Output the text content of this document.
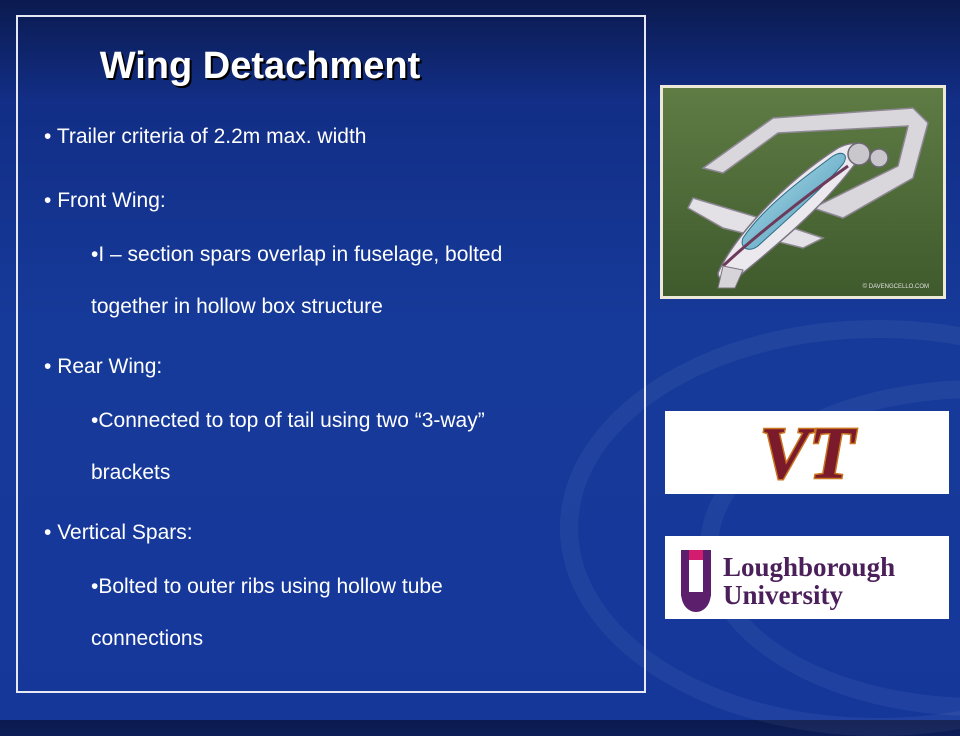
Wing Detachment

• Trailer criteria of 2.2m max. width

• Front Wing:

•I – section spars overlap in fuselage, bolted

together in hollow box structure

• Rear Wing:

•Connected to top of tail using two “3-way”

brackets

• Vertical Spars:

•Bolted to outer ribs using hollow tube

connections

© DAVENGCELLO.COM
VT
Loughborough
University
